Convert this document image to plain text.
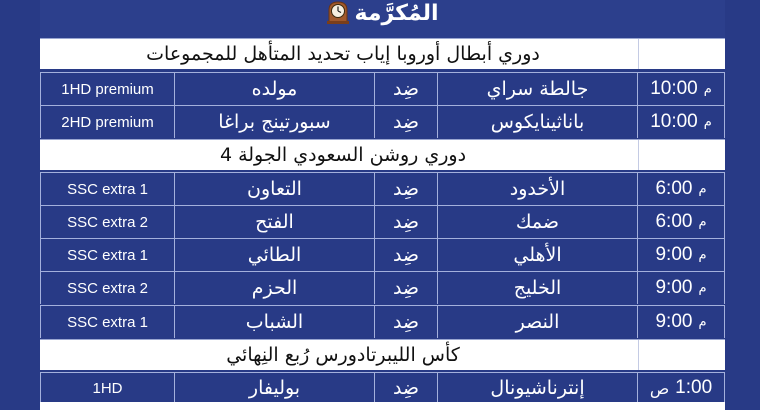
المُكرَّمة
دوري أبطال أوروبا إياب تحديد المتأهل للمجموعات
1HD premium	مولده	ضِد	جالطة سراي	10:00 م
2HD premium	سبورتينج براغا	ضِد	باناثينايكوس	10:00 م
دوري روشن السعودي الجولة 4
SSC extra 1	التعاون	ضِد	الأخدود	6:00 م
SSC extra 2	الفتح	ضِد	ضمك	6:00 م
SSC extra 1	الطائي	ضِد	الأهلي	9:00 م
SSC extra 2	الحزم	ضِد	الخليج	9:00 م
SSC extra 1	الشباب	ضِد	النصر	9:00 م
كأس الليبرتادورس رُبع النِهائي
1HD	بوليفار	ضِد	إنترناشيونال	ص 1:00
